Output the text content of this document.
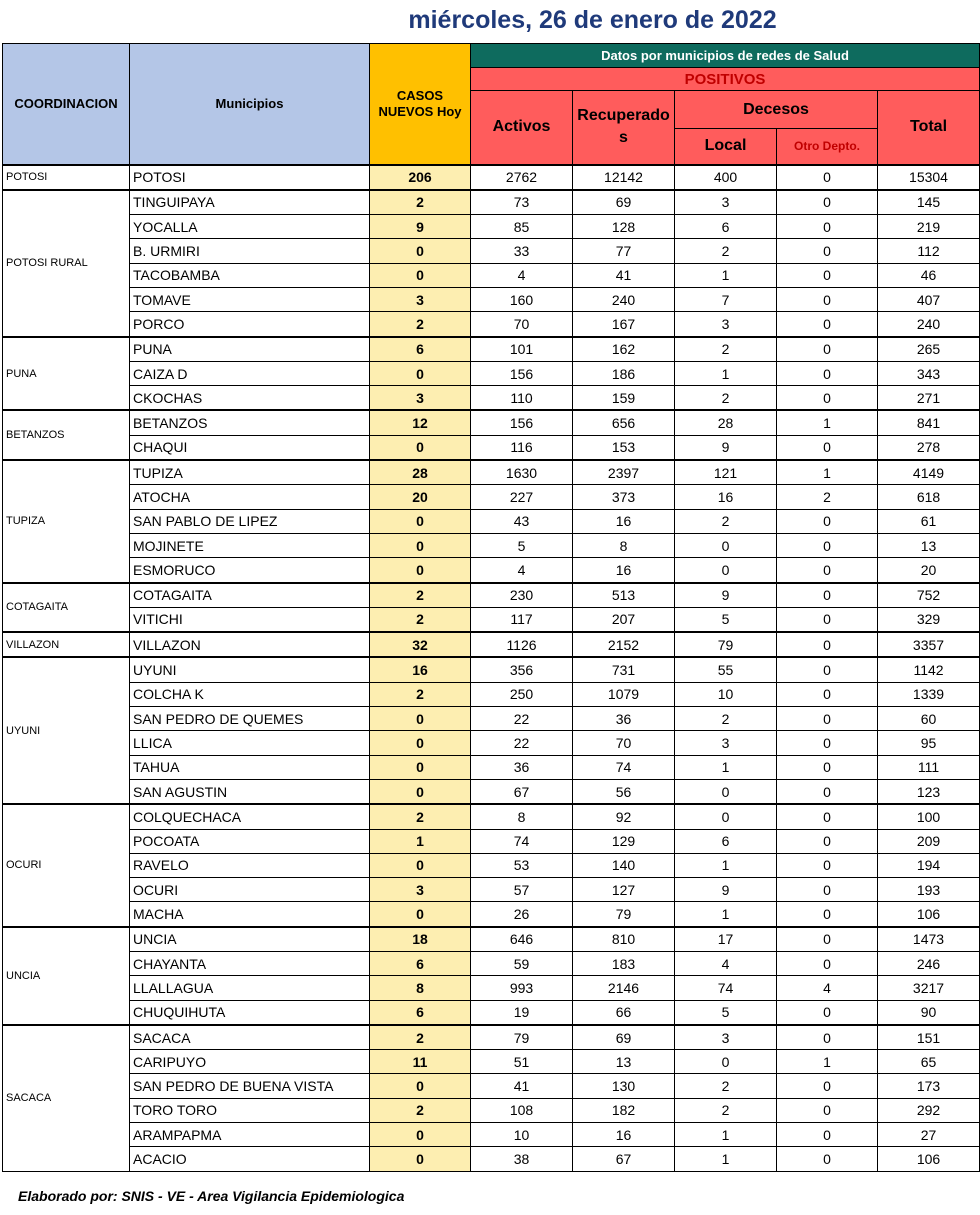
miércoles, 26 de enero de 2022
COORDINACION	Municipios	CASOS NUEVOS Hoy	Datos por municipios de redes de Salud				
			POSITIVOS				
			Activos	Recuperados	Decesos		Total
					Local	Otro Depto.	
POTOSI	POTOSI	206	2762	12142	400	0	15304
POTOSI RURAL	TINGUIPAYA	2	73	69	3	0	145
	YOCALLA	9	85	128	6	0	219
	B. URMIRI	0	33	77	2	0	112
	TACOBAMBA	0	4	41	1	0	46
	TOMAVE	3	160	240	7	0	407
	PORCO	2	70	167	3	0	240
PUNA	PUNA	6	101	162	2	0	265
	CAIZA D	0	156	186	1	0	343
	CKOCHAS	3	110	159	2	0	271
BETANZOS	BETANZOS	12	156	656	28	1	841
	CHAQUI	0	116	153	9	0	278
TUPIZA	TUPIZA	28	1630	2397	121	1	4149
	ATOCHA	20	227	373	16	2	618
	SAN PABLO DE LIPEZ	0	43	16	2	0	61
	MOJINETE	0	5	8	0	0	13
	ESMORUCO	0	4	16	0	0	20
COTAGAITA	COTAGAITA	2	230	513	9	0	752
	VITICHI	2	117	207	5	0	329
VILLAZON	VILLAZON	32	1126	2152	79	0	3357
UYUNI	UYUNI	16	356	731	55	0	1142
	COLCHA K	2	250	1079	10	0	1339
	SAN PEDRO DE QUEMES	0	22	36	2	0	60
	LLICA	0	22	70	3	0	95
	TAHUA	0	36	74	1	0	111
	SAN AGUSTIN	0	67	56	0	0	123
OCURI	COLQUECHACA	2	8	92	0	0	100
	POCOATA	1	74	129	6	0	209
	RAVELO	0	53	140	1	0	194
	OCURI	3	57	127	9	0	193
	MACHA	0	26	79	1	0	106
UNCIA	UNCIA	18	646	810	17	0	1473
	CHAYANTA	6	59	183	4	0	246
	LLALLAGUA	8	993	2146	74	4	3217
	CHUQUIHUTA	6	19	66	5	0	90
SACACA	SACACA	2	79	69	3	0	151
	CARIPUYO	11	51	13	0	1	65
	SAN PEDRO DE BUENA VISTA	0	41	130	2	0	173
	TORO TORO	2	108	182	2	0	292
	ARAMPAPMA	0	10	16	1	0	27
	ACACIO	0	38	67	1	0	106
Elaborado por: SNIS - VE - Area Vigilancia Epidemiologica
